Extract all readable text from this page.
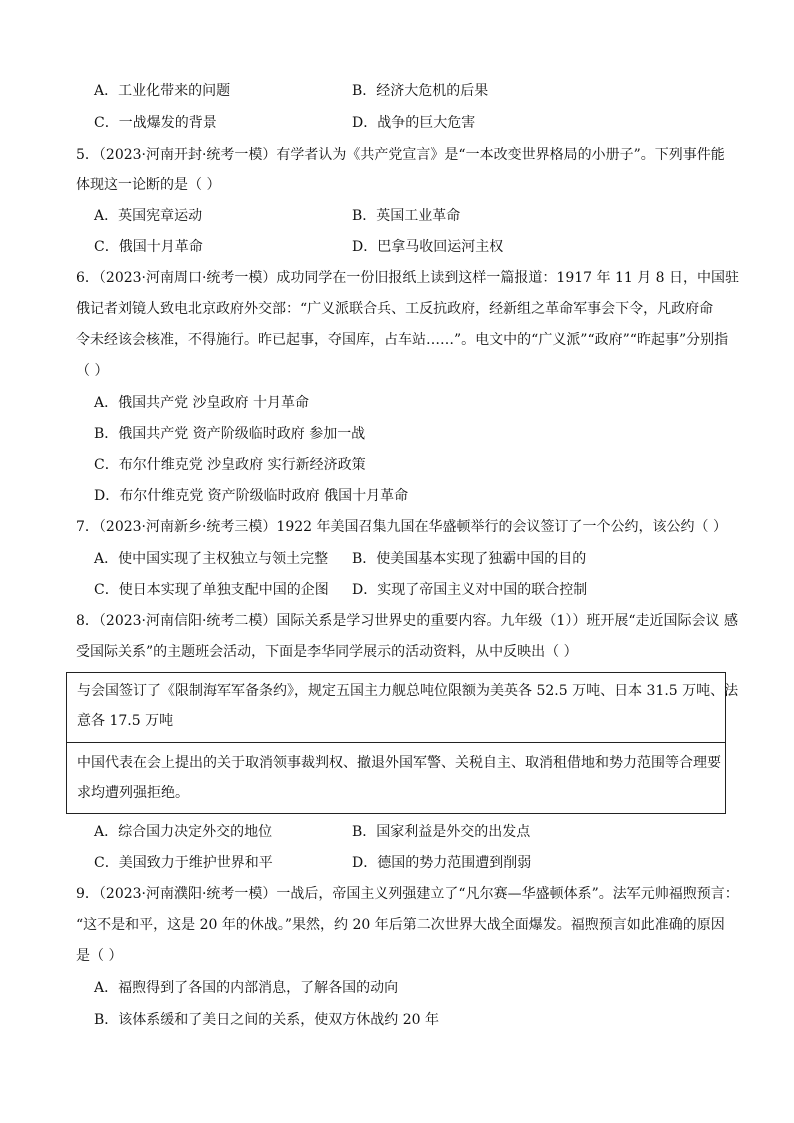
A．工业化带来的问题	B．经济大危机的后果
C．一战爆发的背景	D．战争的巨大危害
5．（2023·河南开封·统考一模）有学者认为《共产党宣言》是“一本改变世界格局的小册子”。下列事件能
体现这一论断的是（ ）
A．英国宪章运动	B．英国工业革命
C．俄国十月革命	D．巴拿马收回运河主权
6．（2023·河南周口·统考一模）成功同学在一份旧报纸上读到这样一篇报道：1917 年 11 月 8 日，中国驻
俄记者刘镜人致电北京政府外交部：“广义派联合兵、工反抗政府，经新组之革命军事会下令，凡政府命
令未经该会核准，不得施行。昨已起事，夺国库，占车站……”。电文中的“广义派”“政府”“昨起事”分别指
（ ）
A．俄国共产党 沙皇政府 十月革命
B．俄国共产党 资产阶级临时政府 参加一战
C．布尔什维克党 沙皇政府 实行新经济政策
D．布尔什维克党 资产阶级临时政府 俄国十月革命
7．（2023·河南新乡·统考三模）1922 年美国召集九国在华盛顿举行的会议签订了一个公约，该公约（ ）
A．使中国实现了主权独立与领土完整 B．使美国基本实现了独霸中国的目的
C．使日本实现了单独支配中国的企图 D．实现了帝国主义对中国的联合控制
8．（2023·河南信阳·统考二模）国际关系是学习世界史的重要内容。九年级（1））班开展“走近国际会议 感
受国际关系”的主题班会活动，下面是李华同学展示的活动资料，从中反映出（ ）
与会国签订了《限制海军军备条约》，规定五国主力舰总吨位限额为美英各 52.5 万吨、日本 31.5 万吨、法
意各 17.5 万吨
中国代表在会上提出的关于取消领事裁判权、撤退外国军警、关税自主、取消租借地和势力范围等合理要
求均遭列强拒绝。
A．综合国力决定外交的地位	B．国家利益是外交的出发点
C．美国致力于维护世界和平	D．德国的势力范围遭到削弱
9．（2023·河南濮阳·统考一模）一战后，帝国主义列强建立了“凡尔赛—华盛顿体系”。法军元帅福煦预言：
“这不是和平，这是 20 年的休战。”果然，约 20 年后第二次世界大战全面爆发。福煦预言如此准确的原因
是（ ）
A．福煦得到了各国的内部消息，了解各国的动向
B．该体系缓和了美日之间的关系，使双方休战约 20 年
